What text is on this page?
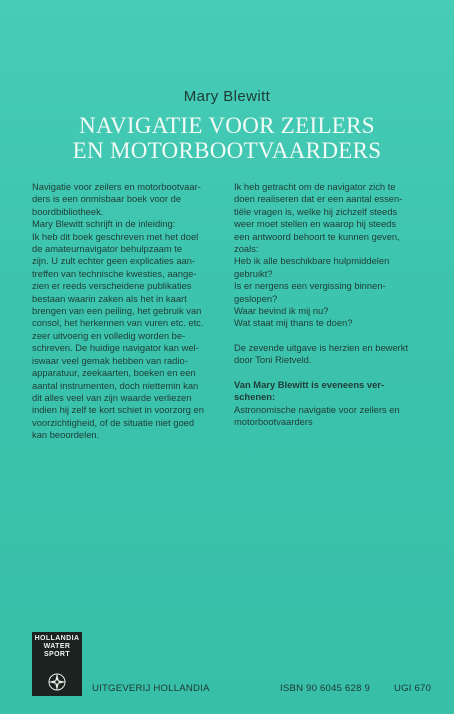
Mary Blewitt
NAVIGATIE VOOR ZEILERS
EN MOTORBOOTVAARDERS

Navigatie voor zeilers en motorbootvaar-

ders is een onmisbaar boek voor de

boordbibliotheek.

Mary Blewitt schrijft in de inleiding:

Ik heb dit boek geschreven met het doel

de amateurnavigator behulpzaam te

zijn. U zult echter geen explicaties aan-

treffen van technische kwesties, aange-

zien er reeds verscheidene publikaties

bestaan waarin zaken als het in kaart

brengen van een peiling, het gebruik van

consol, het herkennen van vuren etc. etc.

zeer uitvoerig en volledig worden be-

schreven. De huidige navigator kan wel-

iswaar veel gemak hebben van radio-

apparatuur, zeekaarten, boeken en een

aantal instrumenten, doch niettemin kan

dit alles veel van zijn waarde verliezen

indien hij zelf te kort schiet in voorzorg en

voorzichtigheid, of de situatie niet goed

kan beoordelen.

Ik heb getracht om de navigator zich te

doen realiseren dat er een aantal essen-

tiële vragen is, welke hij zichzelf steeds

weer moet stellen en waarop hij steeds

een antwoord behoort te kunnen geven,

zoals:

Heb ik alle beschikbare hulpmiddelen

gebruikt?

Is er nergens een vergissing binnen-

geslopen?

Waar bevind ik mij nu?

Wat staat mij thans te doen?

De zevende uitgave is herzien en bewerkt

door Toni Rietveld.

Van Mary Blewitt is eveneens ver-

schenen:

Astronomische navigatie voor zeilers en

motorbootvaarders

HOLLANDIA
WATER
SPORT
UITGEVERIJ HOLLANDIA	ISBN 90 6045 628 9 UGI 670
